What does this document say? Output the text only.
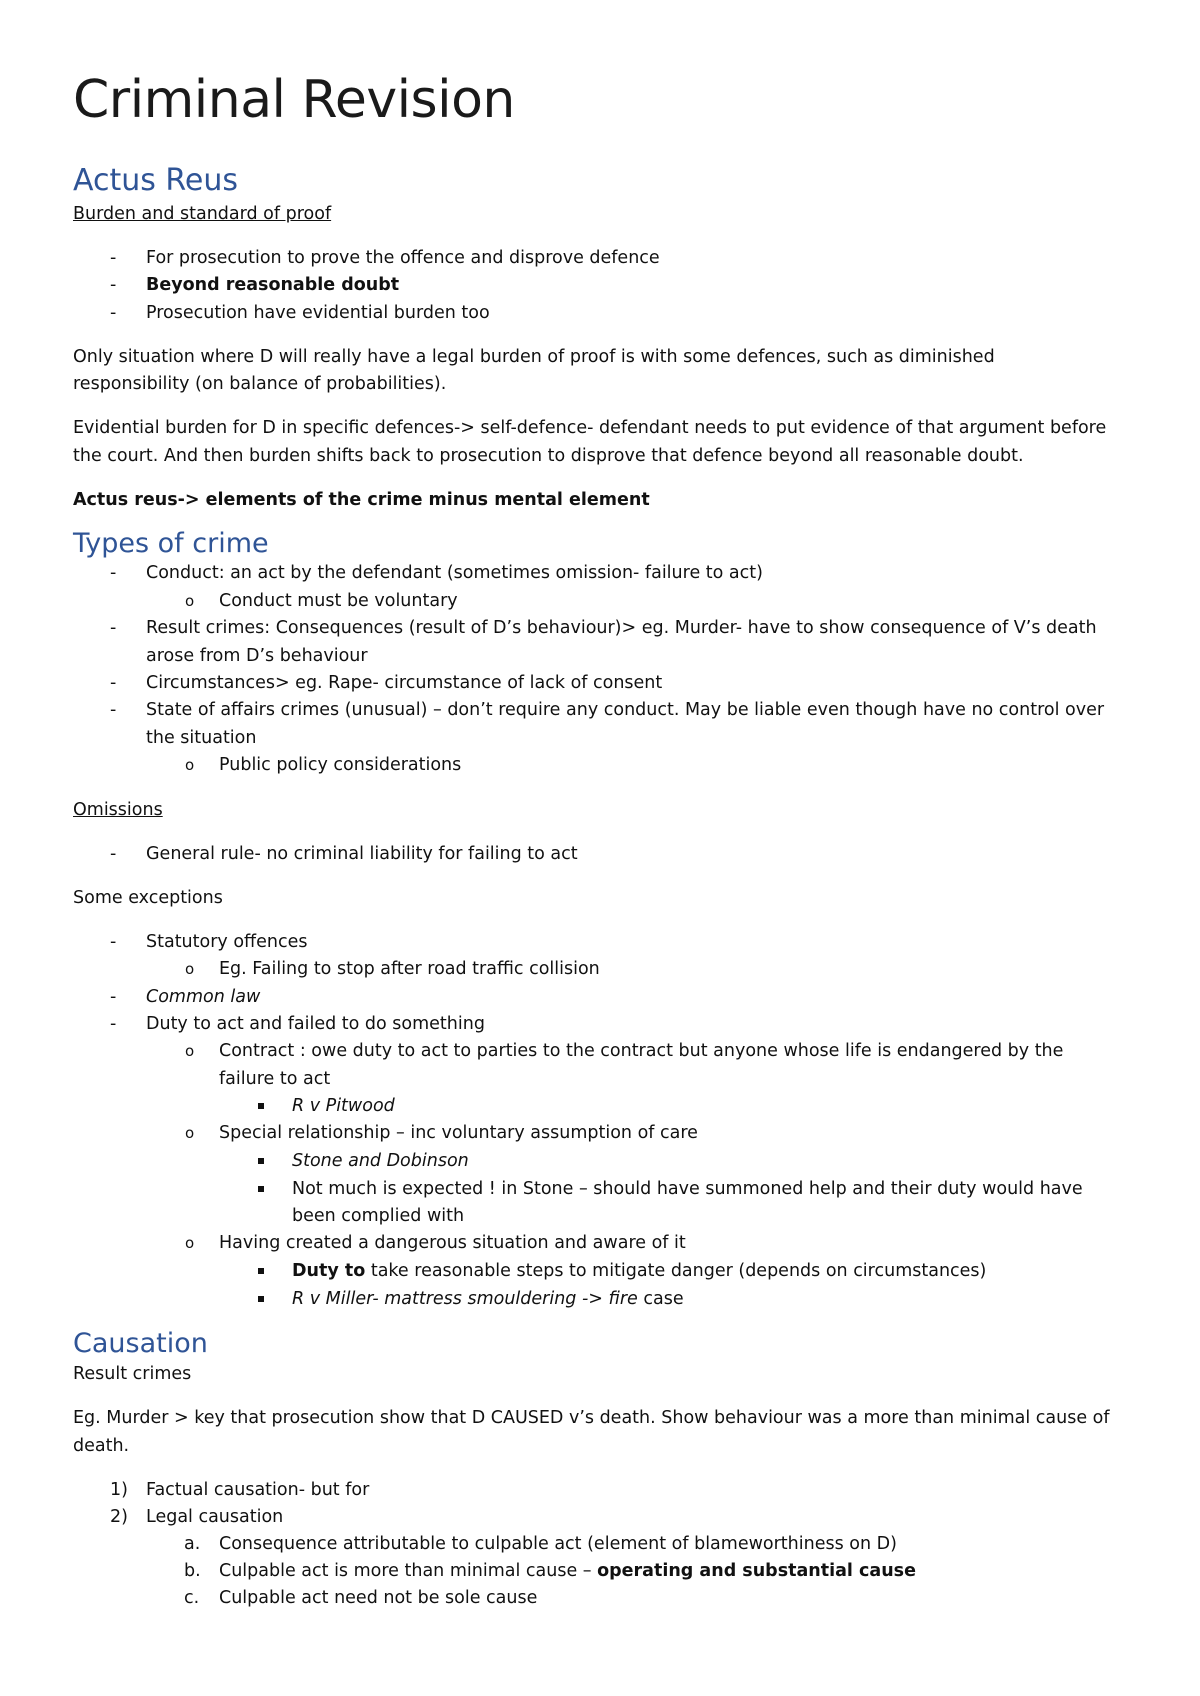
Criminal Revision
Actus Reus
Burden and standard of proof
- For prosecution to prove the offence and disprove defence
- Beyond reasonable doubt
- Prosecution have evidential burden too
Only situation where D will really have a legal burden of proof is with some defences, such as diminished
responsibility (on balance of probabilities).
Evidential burden for D in specific defences-> self-defence- defendant needs to put evidence of that argument before
the court. And then burden shifts back to prosecution to disprove that defence beyond all reasonable doubt.
Actus reus-> elements of the crime minus mental element
Types of crime
- Conduct: an act by the defendant (sometimes omission- failure to act)
o Conduct must be voluntary
- Result crimes: Consequences (result of D’s behaviour)> eg. Murder- have to show consequence of V’s death
arose from D’s behaviour
- Circumstances> eg. Rape- circumstance of lack of consent
- State of affairs crimes (unusual) – don’t require any conduct. May be liable even though have no control over
the situation
o Public policy considerations
Omissions
- General rule- no criminal liability for failing to act
Some exceptions
- Statutory offences
o Eg. Failing to stop after road traffic collision
- Common law
- Duty to act and failed to do something
o Contract : owe duty to act to parties to the contract but anyone whose life is endangered by the
failure to act
R v Pitwood
o Special relationship – inc voluntary assumption of care
Stone and Dobinson
Not much is expected ! in Stone – should have summoned help and their duty would have
been complied with
o Having created a dangerous situation and aware of it
Duty to take reasonable steps to mitigate danger (depends on circumstances)
R v Miller- mattress smouldering -> fire case
Causation
Result crimes
Eg. Murder > key that prosecution show that D CAUSED v’s death. Show behaviour was a more than minimal cause of
death.
1) Factual causation- but for
2) Legal causation
a. Consequence attributable to culpable act (element of blameworthiness on D)
b. Culpable act is more than minimal cause – operating and substantial cause
c. Culpable act need not be sole cause
